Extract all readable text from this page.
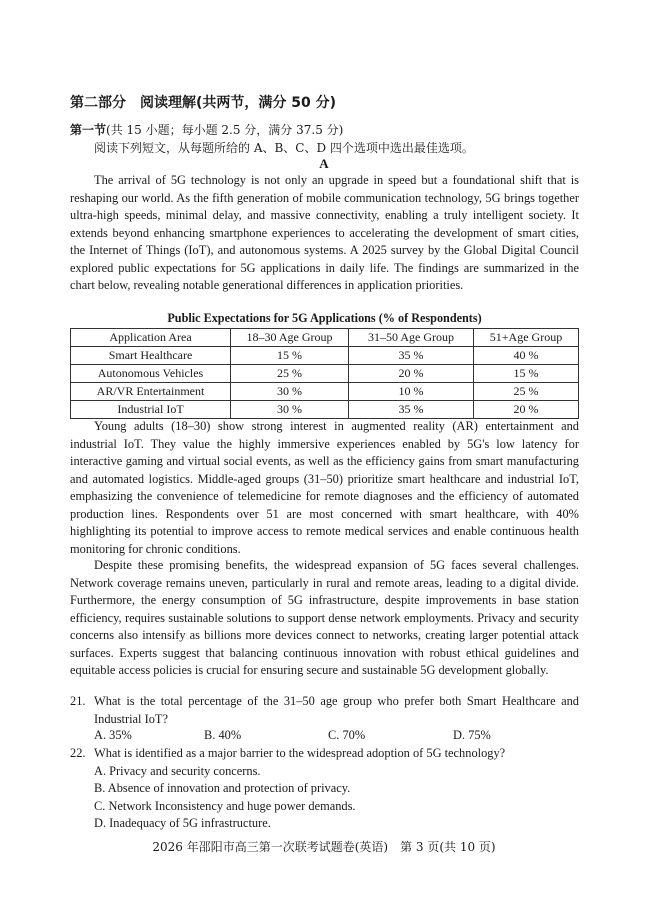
第二部分　阅读理解(共两节，满分 50 分)
第一节(共 15 小题；每小题 2.5 分，满分 37.5 分)
阅读下列短文，从每题所给的 A、B、C、D 四个选项中选出最佳选项。
A

The arrival of 5G technology is not only an upgrade in speed but a foundational shift that is reshaping our world. As the fifth generation of mobile communication technology, 5G brings together ultra-high speeds, minimal delay, and massive connectivity, enabling a truly intelligent society. It extends beyond enhancing smartphone experiences to accelerating the development of smart cities, the Internet of Things (IoT), and autonomous systems. A 2025 survey by the Global Digital Council explored public expectations for 5G applications in daily life. The findings are summarized in the chart below, revealing notable generational differences in application priorities.

Public Expectations for 5G Applications (% of Respondents)
Application Area	18–30 Age Group	31–50 Age Group	51+Age Group
Smart Healthcare	15 %	35 %	40 %
Autonomous Vehicles	25 %	20 %	15 %
AR/VR Entertainment	30 %	10 %	25 %
Industrial IoT	30 %	35 %	20 %

Young adults (18–30) show strong interest in augmented reality (AR) entertainment and industrial IoT. They value the highly immersive experiences enabled by 5G's low latency for interactive gaming and virtual social events, as well as the efficiency gains from smart manufacturing and automated logistics. Middle-aged groups (31–50) prioritize smart healthcare and industrial IoT, emphasizing the convenience of telemedicine for remote diagnoses and the efficiency of automated production lines. Respondents over 51 are most concerned with smart healthcare, with 40% highlighting its potential to improve access to remote medical services and enable continuous health monitoring for chronic conditions.

Despite these promising benefits, the widespread expansion of 5G faces several challenges. Network coverage remains uneven, particularly in rural and remote areas, leading to a digital divide. Furthermore, the energy consumption of 5G infrastructure, despite improvements in base station efficiency, requires sustainable solutions to support dense network employments. Privacy and security concerns also intensify as billions more devices connect to networks, creating larger potential attack surfaces. Experts suggest that balancing continuous innovation with robust ethical guidelines and equitable access policies is crucial for ensuring secure and sustainable 5G development globally.

21. What is the total percentage of the 31–50 age group who prefer both Smart Healthcare and Industrial IoT?
A. 35%	B. 40%	C. 70%	D. 75%
22. What is identified as a major barrier to the widespread adoption of 5G technology?
A. Privacy and security concerns.
B. Absence of innovation and protection of privacy.
C. Network Inconsistency and huge power demands.
D. Inadequacy of 5G infrastructure.
2026 年邵阳市高三第一次联考试题卷(英语)　第 3 页(共 10 页)
